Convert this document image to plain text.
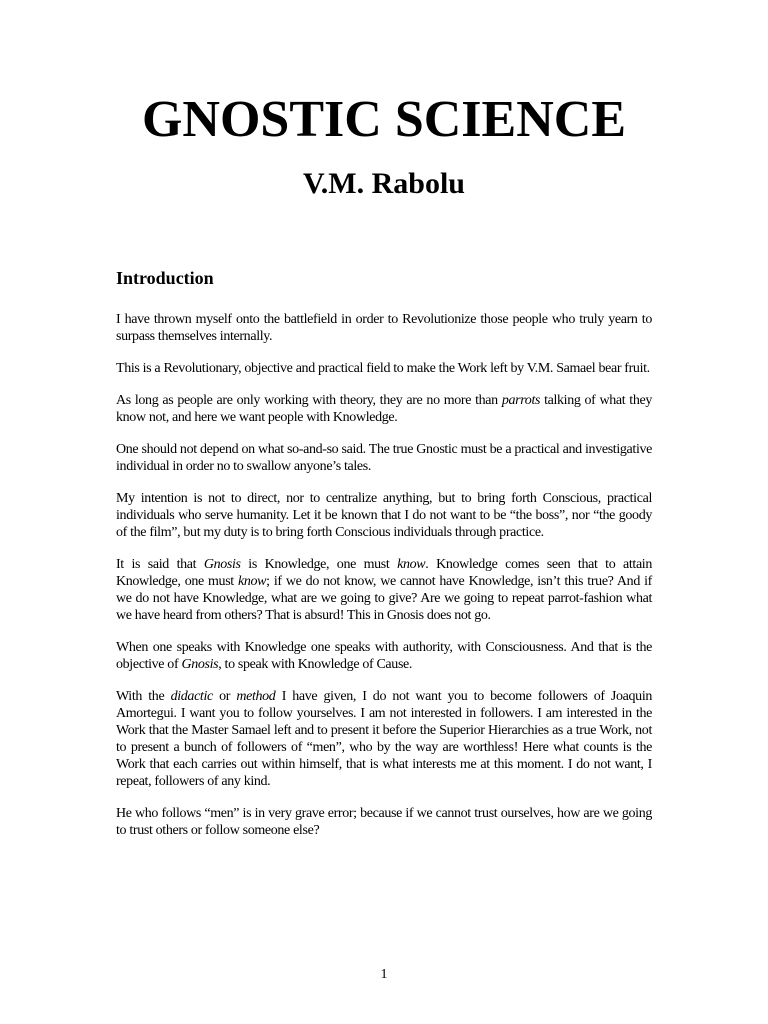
GNOSTIC SCIENCE
V.M. Rabolu
Introduction

I have thrown myself onto the battlefield in order to Revolutionize those people who truly yearn to surpass themselves internally.

This is a Revolutionary, objective and practical field to make the Work left by V.M. Samael bear fruit.

As long as people are only working with theory, they are no more than parrots talking of what they know not, and here we want people with Knowledge.

One should not depend on what so-and-so said. The true Gnostic must be a practical and investigative individual in order no to swallow anyone’s tales.

My intention is not to direct, nor to centralize anything, but to bring forth Conscious, practical individuals who serve humanity. Let it be known that I do not want to be “the boss”, nor “the goody of the film”, but my duty is to bring forth Conscious individuals through practice.

It is said that Gnosis is Knowledge, one must know. Knowledge comes seen that to attain Knowledge, one must know; if we do not know, we cannot have Knowledge, isn’t this true? And if we do not have Knowledge, what are we going to give? Are we going to repeat parrot-fashion what we have heard from others? That is absurd! This in Gnosis does not go.

When one speaks with Knowledge one speaks with authority, with Consciousness. And that is the objective of Gnosis, to speak with Knowledge of Cause.

With the didactic or method I have given, I do not want you to become followers of Joaquin Amortegui. I want you to follow yourselves. I am not interested in followers. I am interested in the Work that the Master Samael left and to present it before the Superior Hierarchies as a true Work, not to present a bunch of followers of “men”, who by the way are worthless! Here what counts is the Work that each carries out within himself, that is what interests me at this moment. I do not want, I repeat, followers of any kind.

He who follows “men” is in very grave error; because if we cannot trust ourselves, how are we going to trust others or follow someone else?

1
